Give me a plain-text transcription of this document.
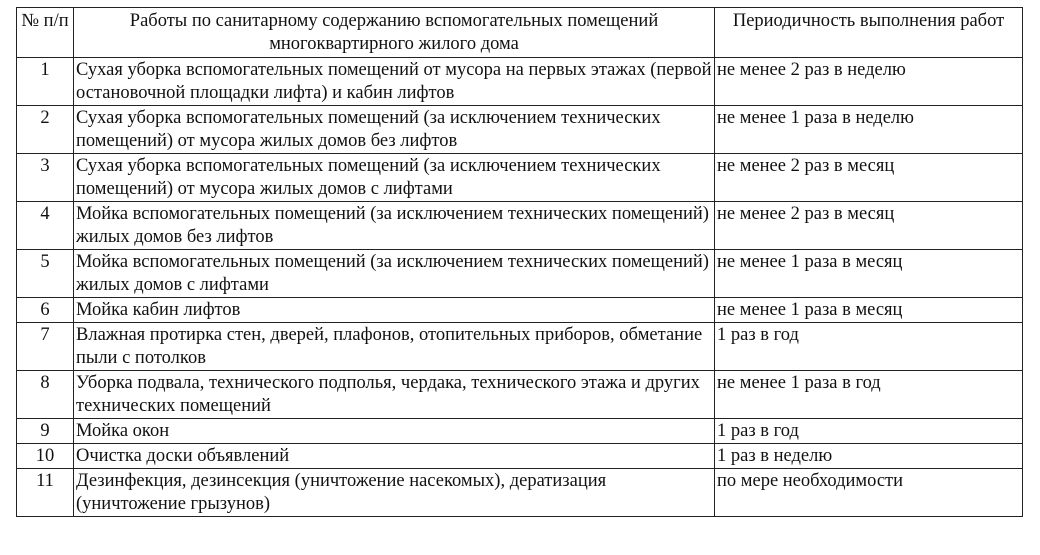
№ п/п	Работы по санитарному содержанию вспомогательных помещений многоквартирного жилого дома	Периодичность выполнения работ
1	Сухая уборка вспомогательных помещений от мусора на первых этажах (первой остановочной площадки лифта) и кабин лифтов	не менее 2 раз в неделю
2	Сухая уборка вспомогательных помещений (за исключением технических помещений) от мусора жилых домов без лифтов	не менее 1 раза в неделю
3	Сухая уборка вспомогательных помещений (за исключением технических помещений) от мусора жилых домов с лифтами	не менее 2 раз в месяц
4	Мойка вспомогательных помещений (за исключением технических помещений) жилых домов без лифтов	не менее 2 раз в месяц
5	Мойка вспомогательных помещений (за исключением технических помещений) жилых домов с лифтами	не менее 1 раза в месяц
6	Мойка кабин лифтов	не менее 1 раза в месяц
7	Влажная протирка стен, дверей, плафонов, отопительных приборов, обметание пыли с потолков	1 раз в год
8	Уборка подвала, технического подполья, чердака, технического этажа и других технических помещений	не менее 1 раза в год
9	Мойка окон	1 раз в год
10	Очистка доски объявлений	1 раз в неделю
11	Дезинфекция, дезинсекция (уничтожение насекомых), дератизация (уничтожение грызунов)	по мере необходимости
